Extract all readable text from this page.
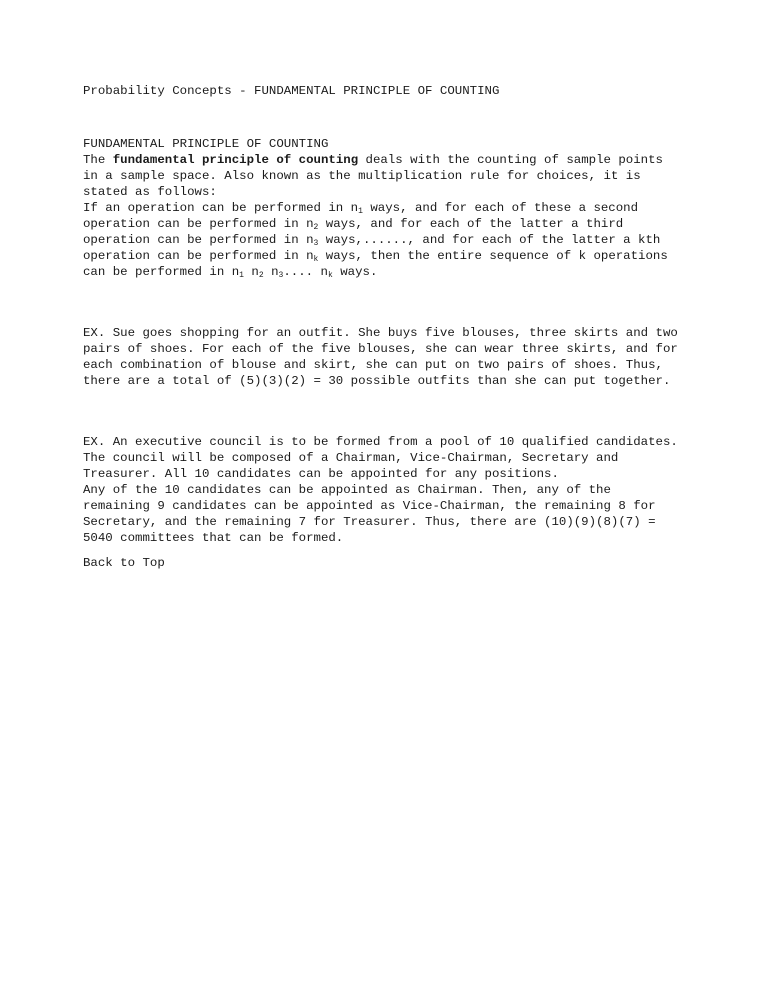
Probability Concepts - FUNDAMENTAL PRINCIPLE OF COUNTING
FUNDAMENTAL PRINCIPLE OF COUNTING
The fundamental principle of counting deals with the counting of sample points
in a sample space. Also known as the multiplication rule for choices, it is
stated as follows:
If an operation can be performed in $n_1$ ways, and for each of these a second
operation can be performed in $n_2$ ways, and for each of the latter a third
operation can be performed in $n_3$ ways,......, and for each of the latter a kth
operation can be performed in $n_k$ ways, then the entire sequence of k operations
can be performed in $n_1$ $n_2$ $n_3$.... $n_k$ ways.
EX. Sue goes shopping for an outfit. She buys five blouses, three skirts and two
pairs of shoes. For each of the five blouses, she can wear three skirts, and for
each combination of blouse and skirt, she can put on two pairs of shoes. Thus,
there are a total of (5)(3)(2) = 30 possible outfits than she can put together.
EX. An executive council is to be formed from a pool of 10 qualified candidates.
The council will be composed of a Chairman, Vice-Chairman, Secretary and
Treasurer. All 10 candidates can be appointed for any positions.
Any of the 10 candidates can be appointed as Chairman. Then, any of the
remaining 9 candidates can be appointed as Vice-Chairman, the remaining 8 for
Secretary, and the remaining 7 for Treasurer. Thus, there are (10)(9)(8)(7) =
5040 committees that can be formed.
Back to Top
